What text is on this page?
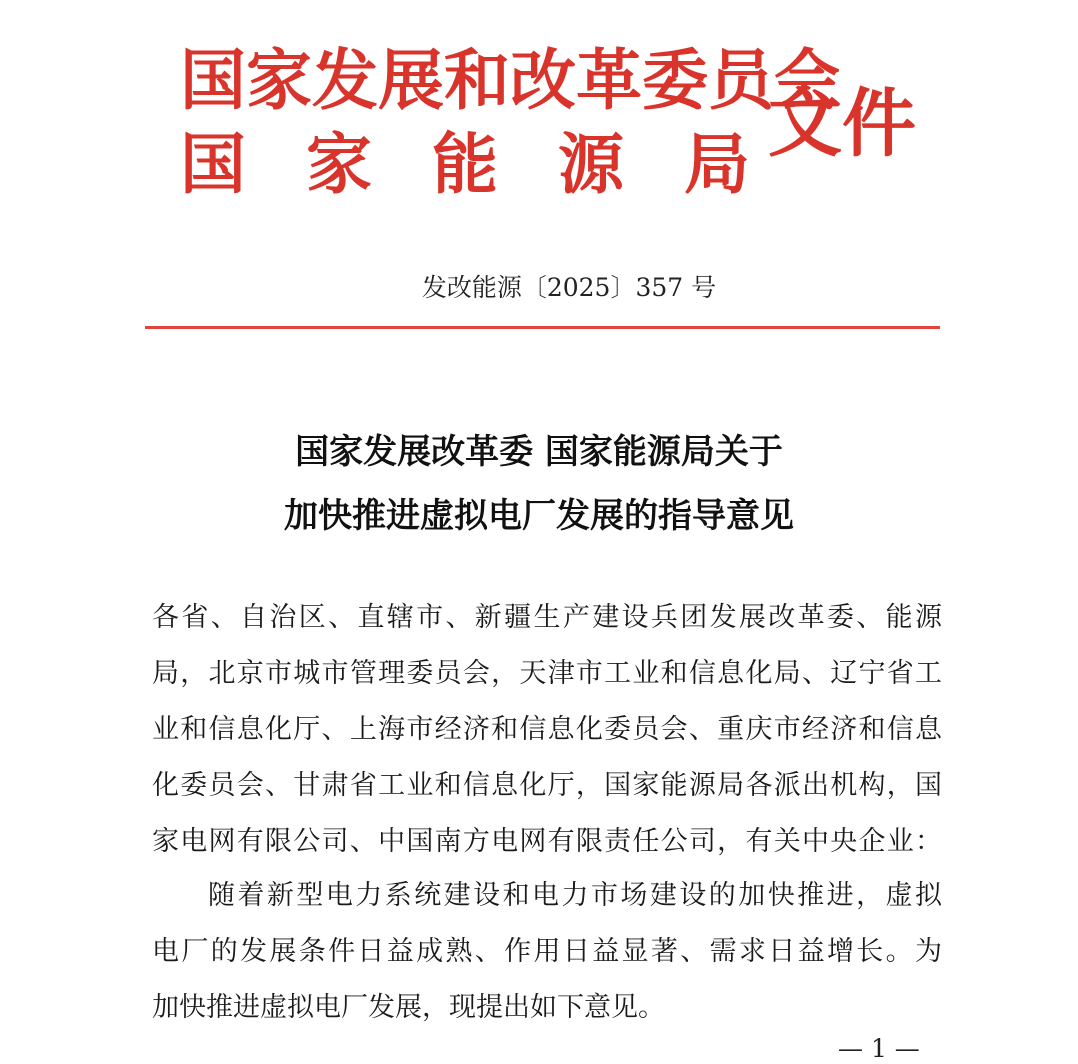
国家发展和改革委员会
国家能源局 文件
发改能源〔2025〕357 号
国家发展改革委 国家能源局关于
加快推进虚拟电厂发展的指导意见
各省、自治区、直辖市、新疆生产建设兵团发展改革委、能源
局，北京市城市管理委员会，天津市工业和信息化局、辽宁省工
业和信息化厅、上海市经济和信息化委员会、重庆市经济和信息
化委员会、甘肃省工业和信息化厅，国家能源局各派出机构，国
家电网有限公司、中国南方电网有限责任公司，有关中央企业：
随着新型电力系统建设和电力市场建设的加快推进，虚拟
电厂的发展条件日益成熟、作用日益显著、需求日益增长。为
加快推进虚拟电厂发展，现提出如下意见。
— 1 —
